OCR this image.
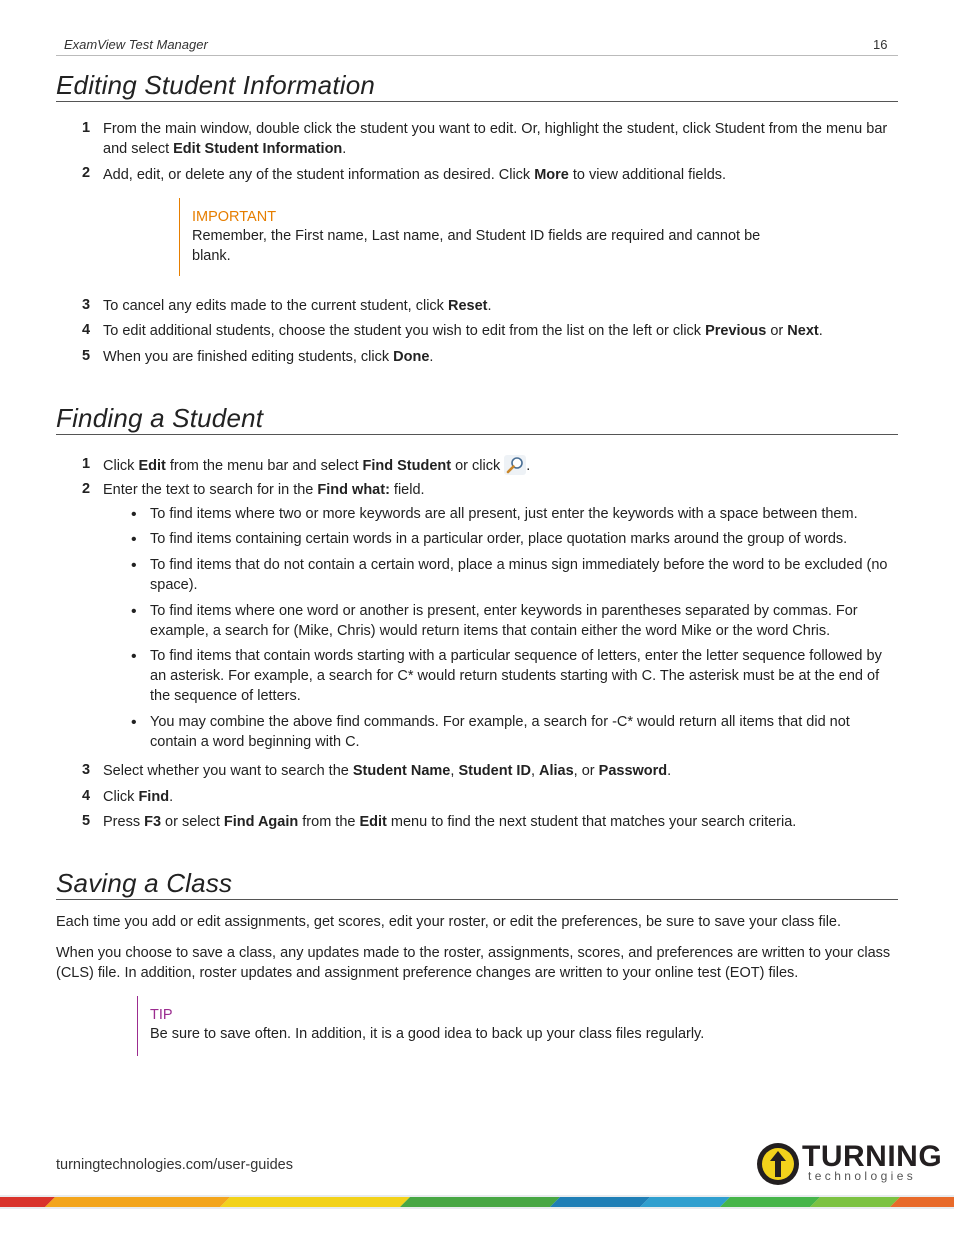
ExamView Test Manager	16
Editing Student Information
1 From the main window, double click the student you want to edit. Or, highlight the student, click Student from the menu bar and select Edit Student Information.
2 Add, edit, or delete any of the student information as desired. Click More to view additional fields.
IMPORTANT
Remember, the First name, Last name, and Student ID fields are required and cannot be blank.
3 To cancel any edits made to the current student, click Reset.
4 To edit additional students, choose the student you wish to edit from the list on the left or click Previous or Next.
5 When you are finished editing students, click Done.
Finding a Student
1 Click Edit from the menu bar and select Find Student or click .
2 Enter the text to search for in the Find what: field.
• To find items where two or more keywords are all present, just enter the keywords with a space between them.
• To find items containing certain words in a particular order, place quotation marks around the group of words.
• To find items that do not contain a certain word, place a minus sign immediately before the word to be excluded (no space).
• To find items where one word or another is present, enter keywords in parentheses separated by commas. For example, a search for (Mike, Chris) would return items that contain either the word Mike or the word Chris.
• To find items that contain words starting with a particular sequence of letters, enter the letter sequence followed by an asterisk. For example, a search for C* would return students starting with C. The asterisk must be at the end of the sequence of letters.
• You may combine the above find commands. For example, a search for -C* would return all items that did not contain a word beginning with C.
3 Select whether you want to search the Student Name, Student ID, Alias, or Password.
4 Click Find.
5 Press F3 or select Find Again from the Edit menu to find the next student that matches your search criteria.
Saving a Class
Each time you add or edit assignments, get scores, edit your roster, or edit the preferences, be sure to save your class file.
When you choose to save a class, any updates made to the roster, assignments, scores, and preferences are written to your class (CLS) file. In addition, roster updates and assignment preference changes are written to your online test (EOT) files.
TIP
Be sure to save often. In addition, it is a good idea to back up your class files regularly.
turningtechnologies.com/user-guides	TURNING
technologies
